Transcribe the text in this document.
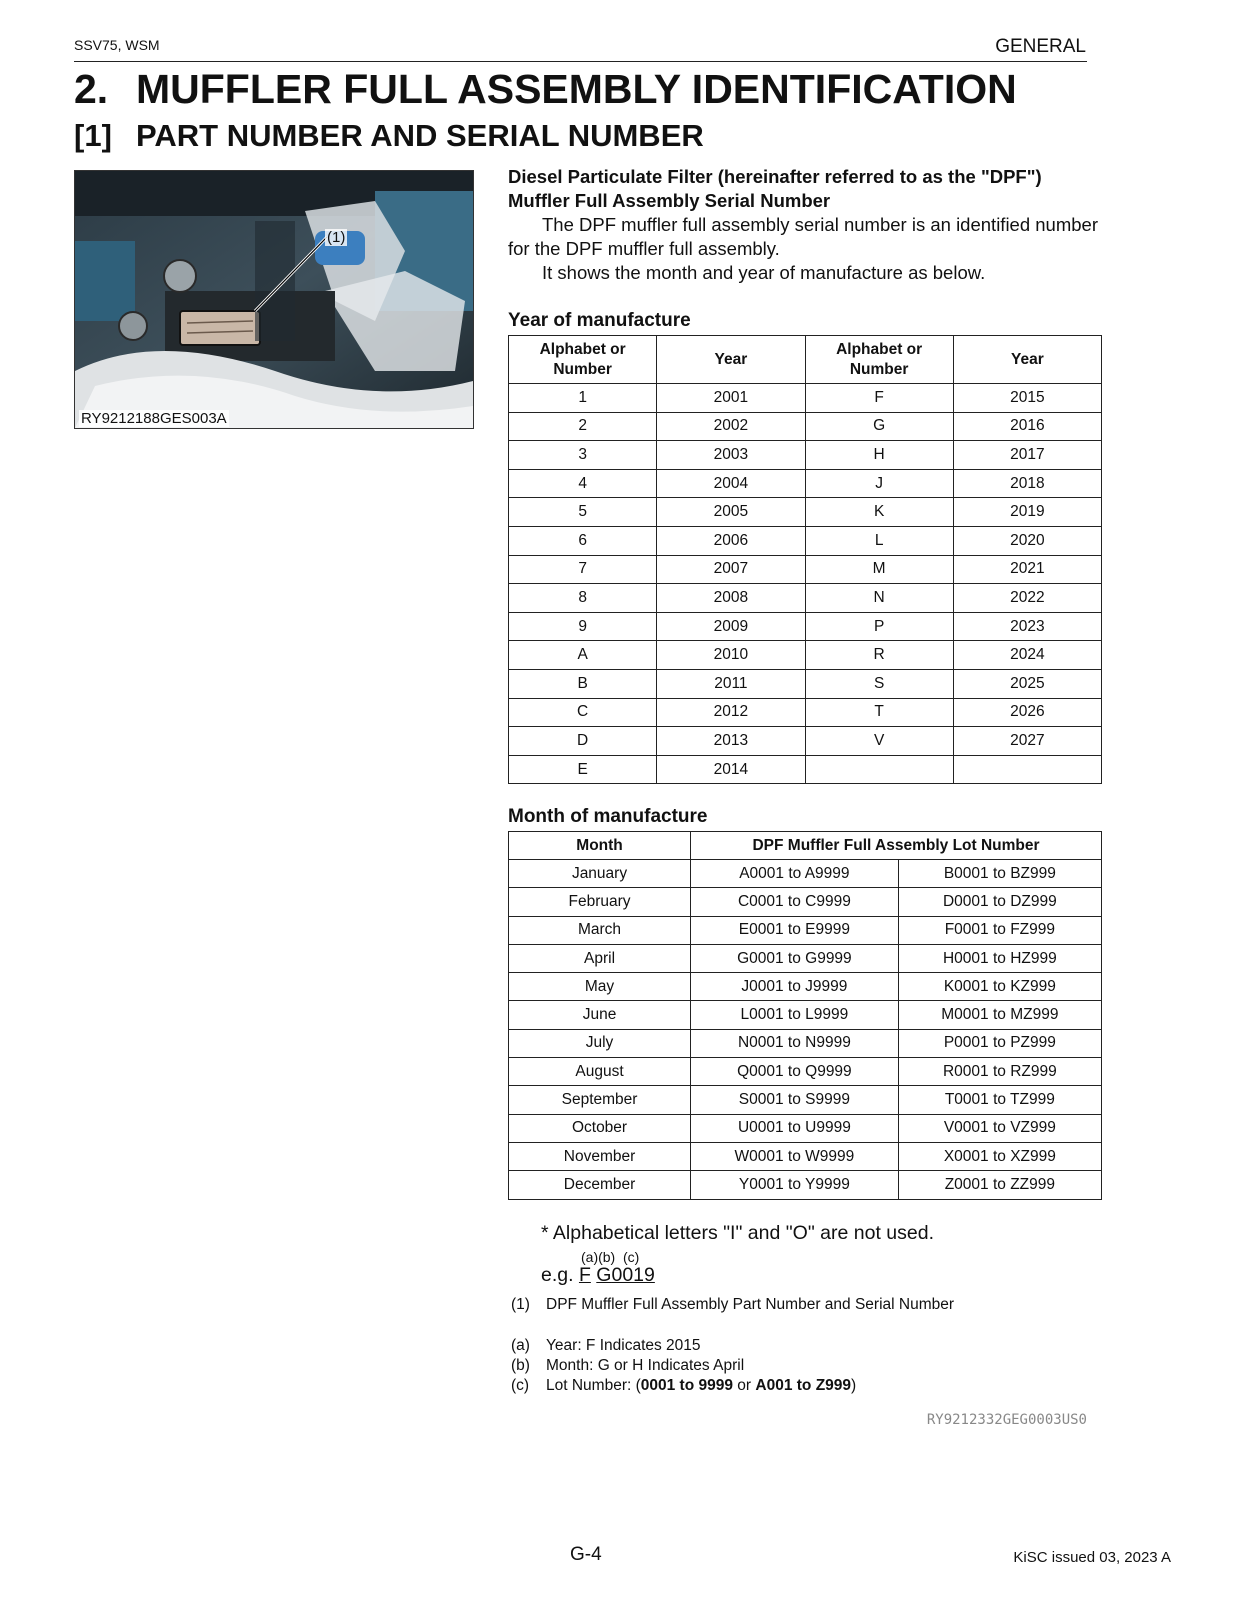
SSV75, WSM	GENERAL
2. MUFFLER FULL ASSEMBLY IDENTIFICATION
[1] PART NUMBER AND SERIAL NUMBER
(1)
RY9212188GES003A

Diesel Particulate Filter (hereinafter referred to as the "DPF")

Muffler Full Assembly Serial Number

The DPF muffler full assembly serial number is an identified number for the DPF muffler full assembly.

It shows the month and year of manufacture as below.

Year of manufacture
Alphabet or Number	Year	Alphabet or Number	Year
1	2001	F	2015
2	2002	G	2016
3	2003	H	2017
4	2004	J	2018
5	2005	K	2019
6	2006	L	2020
7	2007	M	2021
8	2008	N	2022
9	2009	P	2023
A	2010	R	2024
B	2011	S	2025
C	2012	T	2026
D	2013	V	2027
E	2014		
Month of manufacture
Month	DPF Muffler Full Assembly Lot Number	
January	A0001 to A9999	B0001 to BZ999
February	C0001 to C9999	D0001 to DZ999
March	E0001 to E9999	F0001 to FZ999
April	G0001 to G9999	H0001 to HZ999
May	J0001 to J9999	K0001 to KZ999
June	L0001 to L9999	M0001 to MZ999
July	N0001 to N9999	P0001 to PZ999
August	Q0001 to Q9999	R0001 to RZ999
September	S0001 to S9999	T0001 to TZ999
October	U0001 to U9999	V0001 to VZ999
November	W0001 to W9999	X0001 to XZ999
December	Y0001 to Y9999	Z0001 to ZZ999
* Alphabetical letters "I" and "O" are not used.
(a)(b)  (c)
e.g. F G0019
(1) DPF Muffler Full Assembly Part Number and Serial Number
(a) Year: F Indicates 2015
(b) Month: G or H Indicates April
(c) Lot Number: (0001 to 9999 or A001 to Z999)
RY9212332GEG0003US0
G-4	KiSC issued 03, 2023 A
